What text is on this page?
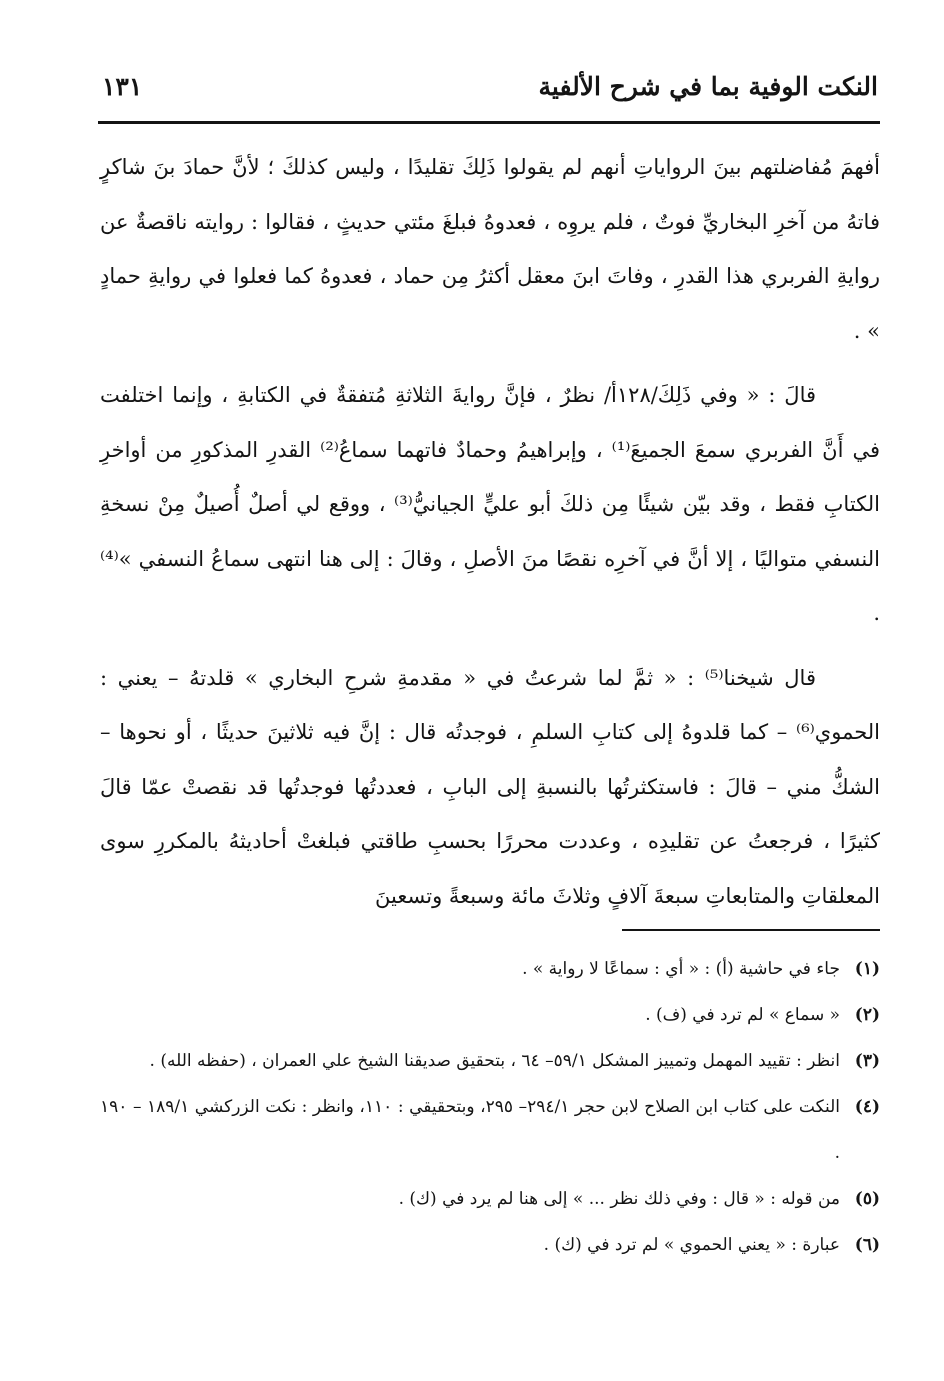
النكت الوفية بما في شرح الألفية
١٣١

أفهمَ مُفاضلتهم بينَ الرواياتِ أنهم لم يقولوا ذَلِكَ تقليدًا ، وليس كذلكَ ؛ لأنَّ حمادَ بنَ شاكرٍ فاتهُ من آخرِ البخاريِّ فوتٌ ، فلم يروِه ، فعدوهُ فبلغَ مئتي حديثٍ ، فقالوا : روايته ناقصةٌ عن روايةِ الفربري هذا القدرِ ، وفاتَ ابنَ معقل أكثرُ مِن حماد ، فعدوهُ كما فعلوا في روايةِ حمادٍ » .

قالَ : « وفي ذَلِكَ/١٢٨أ/ نظرٌ ، فإنَّ روايةَ الثلاثةِ مُتفقةٌ في الكتابةِ ، وإنما اختلفت في أَنَّ الفربري سمعَ الجميعَ⁽¹⁾ ، وإبراهيمُ وحمادٌ فاتهما سماعُ⁽²⁾ القدرِ المذكورِ من أواخرِ الكتابِ فقط ، وقد بيّن شيئًا مِن ذلكَ أبو عليٍّ الجيانيُّ⁽³⁾ ، ووقع لي أصلٌ أُصيلٌ مِنْ نسخةِ النسفي متواليًا ، إلا أنَّ في آخرِه نقصًا منَ الأصلِ ، وقالَ : إلى هنا انتهى سماعُ النسفي »⁽⁴⁾ .

قال شيخنا⁽⁵⁾ : « ثمَّ لما شرعتُ في « مقدمةِ شرحِ البخاري » قلدتهُ – يعني : الحموي⁽⁶⁾ – كما قلدوهُ إلى كتابِ السلمِ ، فوجدتُه قال : إنَّ فيه ثلاثينَ حديثًا ، أو نحوها – الشكُّ مني – قالَ : فاستكثرتُها بالنسبةِ إلى البابِ ، فعددتُها فوجدتُها قد نقصتْ عمّا قالَ كثيرًا ، فرجعتُ عن تقليدِه ، وعددت محررًا بحسبِ طاقتي فبلغتْ أحاديثهُ بالمكررِ سوى المعلقاتِ والمتابعاتِ سبعةَ آلافٍ وثلاثَ مائة وسبعةً وتسعينَ

(١)
جاء في حاشية (أ) : « أي : سماعًا لا رواية » .
(٢)
« سماع » لم ترد في (ف) .
(٣)
انظر : تقييد المهمل وتمييز المشكل ٥٩/١– ٦٤ ، بتحقيق صديقنا الشيخ علي العمران ، (حفظه الله) .
(٤)
النكت على كتاب ابن الصلاح لابن حجر ٢٩٤/١– ٢٩٥، وبتحقيقي : ١١٠، وانظر : نكت الزركشي ١٨٩/١ – ١٩٠ .
(٥)
من قوله : « قال : وفي ذلك نظر ... » إلى هنا لم يرد في (ك) .
(٦)
عبارة : « يعني الحموي » لم ترد في (ك) .
